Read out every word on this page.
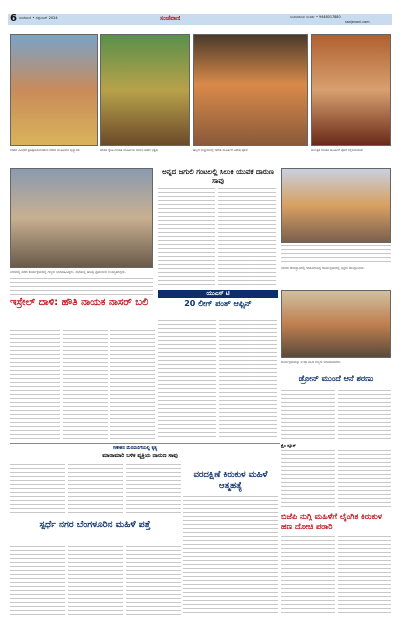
6 ಸಂಜೆವಾಣಿ • ಸೆಪ್ಟೆಂಬರ್ 2024	ಸಂಜೆವಾಣಿ	ಸಂಪಾದಕೀಯ ಸಂಪರ್ಕ • 9448017880
sanjevani.com
ನಗರದ ವಿವಿಧೆಡೆ ಪ್ರತಿಷ್ಠಾಪಿಸಲಾಗಿರುವ ಗಣೇಶ ಮೂರ್ತಿಗಳ ದೃಶ್ಯಾವಳಿ	ಪರಿಸರ ಸ್ನೇಹಿ ಗಣಪತಿ ಮೂರ್ತಿಯ ದರ್ಶನ ಪಡೆದ ಭಕ್ತರು	ಹಬ್ಬದ ಸಂಭ್ರಮದಲ್ಲಿ ಗಣೇಶ ಮೂರ್ತಿಗೆ ವಿಶೇಷ ಪೂಜೆ	ಅಲಂಕೃತ ಗಣಪತಿ ಮೂರ್ತಿಗೆ ಪೂಜೆ ಸಲ್ಲಿಸಲಾಯಿತು
ನಗರದಲ್ಲಿ ನಡೆದ ಕಾರ್ಯಕ್ರಮದಲ್ಲಿ ಗಣ್ಯರು ಭಾಗವಹಿಸಿದ್ದರು. ಸಭೆಯಲ್ಲಿ ಹಲವು ಪ್ರಮುಖರು ಉಪಸ್ಥಿತರಿದ್ದರು.
ಅನ್ನದ ಜಗುಲಿ ಗಂಟಲಲ್ಲಿ ಸಿಲುಕಿ ಯುವಕ ದಾರುಣ ಸಾವು
ನಗರದ ದೇವಸ್ಥಾನದಲ್ಲಿ ಆಯೋಜಿಸಿದ್ದ ಕಾರ್ಯಕ್ರಮದಲ್ಲಿ ಭಕ್ತರು ಪಾಲ್ಗೊಂಡರು.
ಇಸ್ರೇಲ್ ದಾಳಿ: ಹೌತಿ ನಾಯಕ ನಾಸರ್ ಬಲಿ
ಯುಎಸ್ ಟಿ
20 ಲೀಗ್ ಪಂತ್ ಆಫ್ಸಿನ್
ಕಾರ್ಯಕ್ರಮವನ್ನು ಉದ್ಘಾಟಿಸಿದ ಗಣ್ಯರು ಮಾತನಾಡಿದರು.
ಡ್ರೋನ್ ಮುಂದೆ ಆನೆ ಶರಣು
ಗಣೇಶನ ಮೆರವಣಿಗೆಯಲ್ಲಿ ಕೃತ್ಯ
ಮಾರಾಮಾರಿ ಬಳಿಕ ವ್ಯಕ್ತಿಯ ದಾರುಣ ಸಾವು
ವರದಕ್ಷಿಣೆ ಕಿರುಕುಳ ಮಹಿಳೆ ಆತ್ಮಹತ್ಯೆ
ಕ್ರೈಂ ನ್ಯೂಸ್
ಬಿಜೆಪಿ ನುಗ್ಗಿ ಮಹಿಳೆಗೆ ಲೈಂಗಿಕ ಕಿರುಕುಳ ಹಣ ದೋಚಿ ಪರಾರಿ
ಸ್ಪರ್ಧೆ ನಗರ ಬೆಂಗಳೂರಿನ ಮಹಿಳೆ ಪತ್ತೆ
